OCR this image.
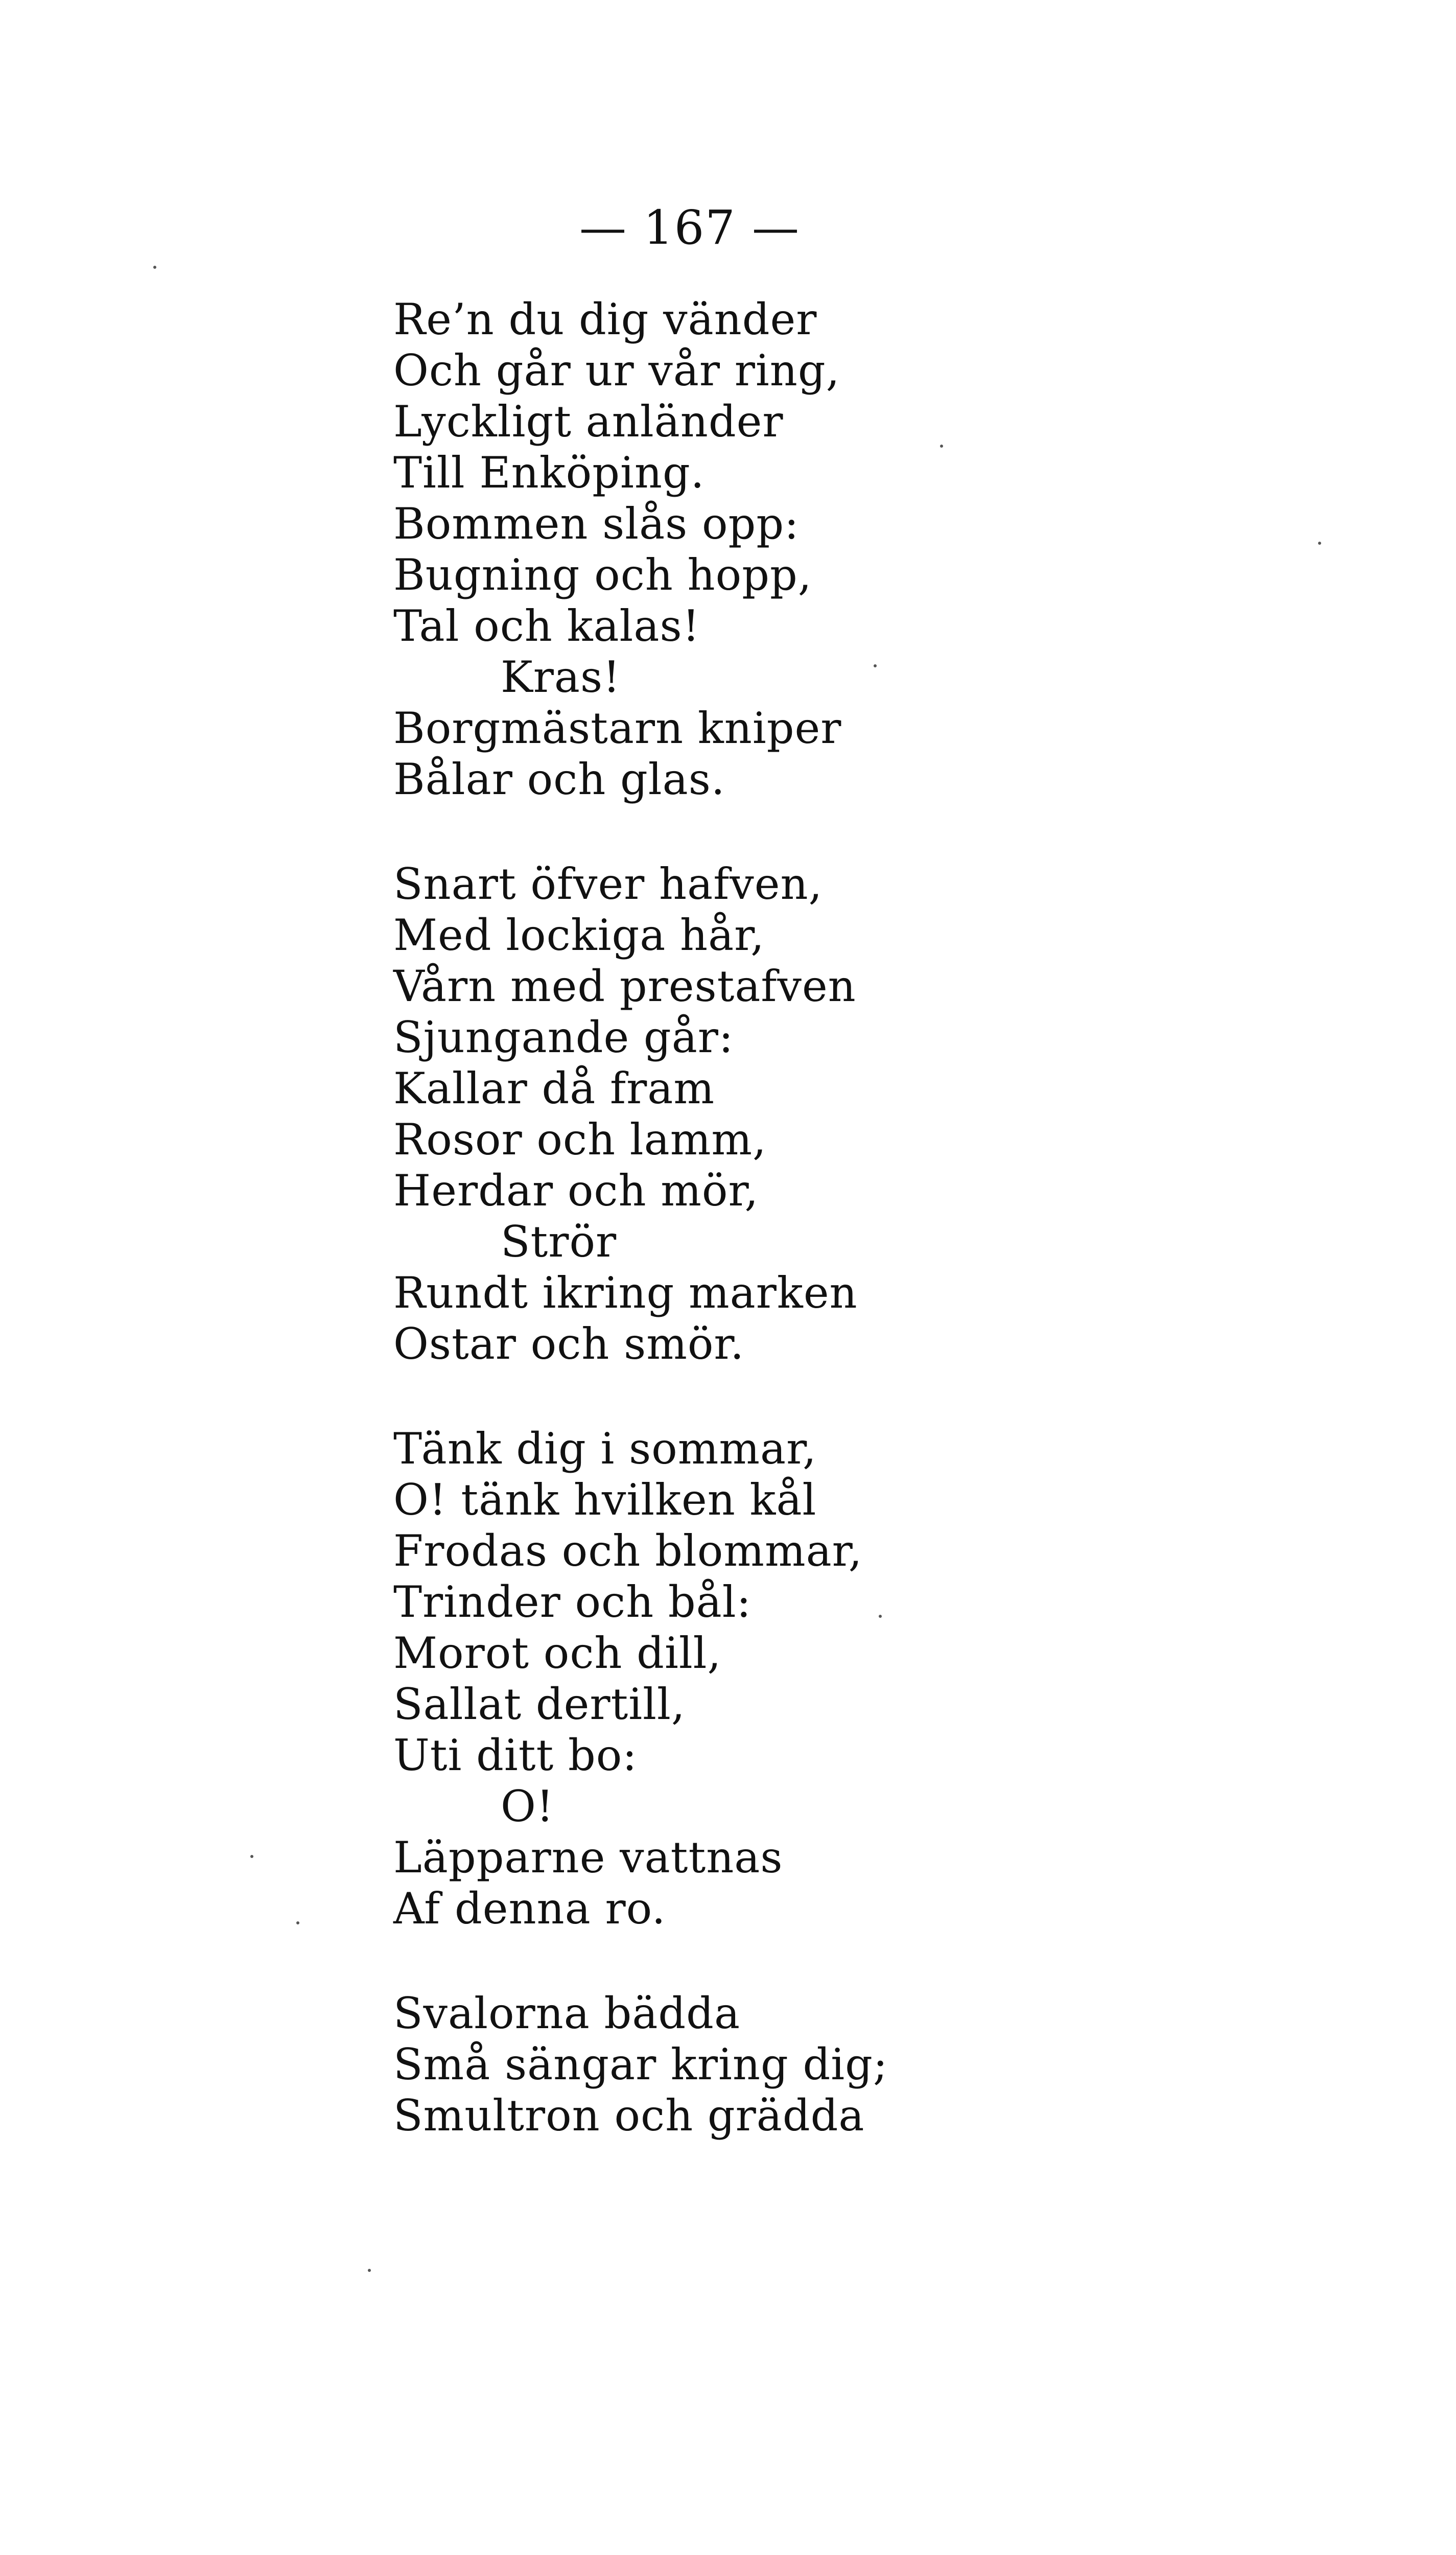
— 167 —
Re’n du dig vänder
Och går ur vår ring,
Lyckligt anländer
Till Enköping.
Bommen slås opp:
Bugning och hopp,
Tal och kalas!
Kras!
Borgmästarn kniper
Bålar och glas.
Snart öfver hafven,
Med lockiga hår,
Vårn med prestafven
Sjungande går:
Kallar då fram
Rosor och lamm,
Herdar och mör,
Strör
Rundt ikring marken
Ostar och smör.
Tänk dig i sommar,
O! tänk hvilken kål
Frodas och blommar,
Trinder och bål:
Morot och dill,
Sallat dertill,
Uti ditt bo:
O!
Läpparne vattnas
Af denna ro.
Svalorna bädda
Små sängar kring dig;
Smultron och grädda
